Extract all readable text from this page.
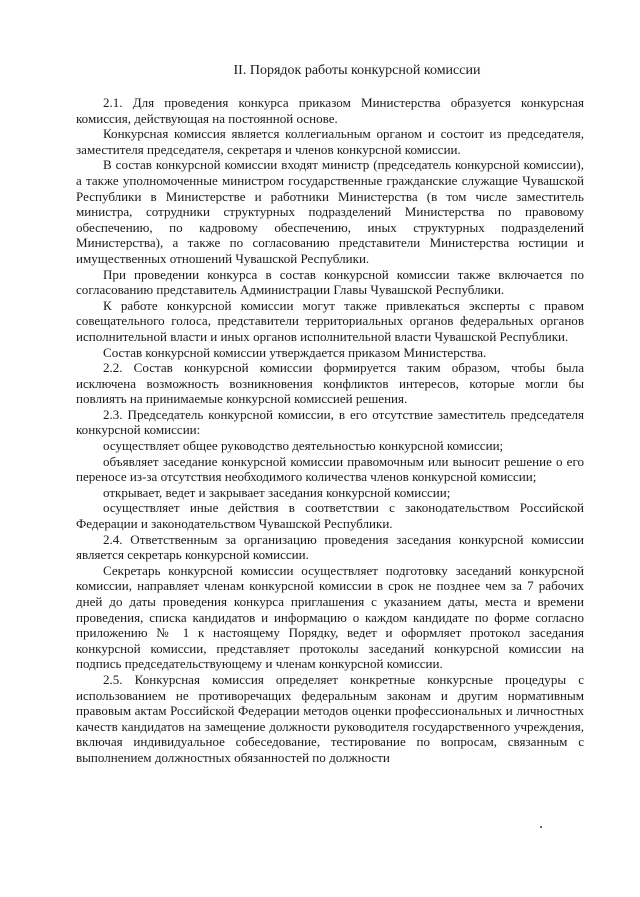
II. Порядок работы конкурсной комиссии

2.1. Для проведения конкурса приказом Министерства образуется конкурсная комиссия, действующая на постоянной основе.

Конкурсная комиссия является коллегиальным органом и состоит из председателя, заместителя председателя, секретаря и членов конкурсной комиссии.

В состав конкурсной комиссии входят министр (председатель конкурсной комиссии), а также уполномоченные министром государственные гражданские служащие Чувашской Республики в Министерстве и работники Министерства (в том числе заместитель министра, сотрудники структурных подразделений Министерства по правовому обеспечению, по кадровому обеспечению, иных структурных подразделений Министерства), а также по согласованию представители Министерства юстиции и имущественных отношений Чувашской Республики.

При проведении конкурса в состав конкурсной комиссии также включается по согласованию представитель Администрации Главы Чувашской Республики.

К работе конкурсной комиссии могут также привлекаться эксперты с правом совещательного голоса, представители территориальных органов федеральных органов исполнительной власти и иных органов исполнительной власти Чувашской Республики.

Состав конкурсной комиссии утверждается приказом Министерства.

2.2. Состав конкурсной комиссии формируется таким образом, чтобы была исключена возможность возникновения конфликтов интересов, которые могли бы повлиять на принимаемые конкурсной комиссией решения.

2.3. Председатель конкурсной комиссии, в его отсутствие заместитель председателя конкурсной комиссии:

осуществляет общее руководство деятельностью конкурсной комиссии;

объявляет заседание конкурсной комиссии правомочным или выносит решение о его переносе из-за отсутствия необходимого количества членов конкурсной комиссии;

открывает, ведет и закрывает заседания конкурсной комиссии;

осуществляет иные действия в соответствии с законодательством Российской Федерации и законодательством Чувашской Республики.

2.4. Ответственным за организацию проведения заседания конкурсной комиссии является секретарь конкурсной комиссии.

Секретарь конкурсной комиссии осуществляет подготовку заседаний конкурсной комиссии, направляет членам конкурсной комиссии в срок не позднее чем за 7 рабочих дней до даты проведения конкурса приглашения с указанием даты, места и времени проведения, списка кандидатов и информацию о каждом кандидате по форме согласно приложению № 1 к настоящему Порядку, ведет и оформляет протокол заседания конкурсной комиссии, представляет протоколы заседаний конкурсной комиссии на подпись председательствующему и членам конкурсной комиссии.

2.5. Конкурсная комиссия определяет конкретные конкурсные процедуры с использованием не противоречащих федеральным законам и другим нормативным правовым актам Российской Федерации методов оценки профессиональных и личностных качеств кандидатов на замещение должности руководителя государственного учреждения, включая индивидуальное собеседование, тестирование по вопросам, связанным с выполнением должностных обязанностей по должности
